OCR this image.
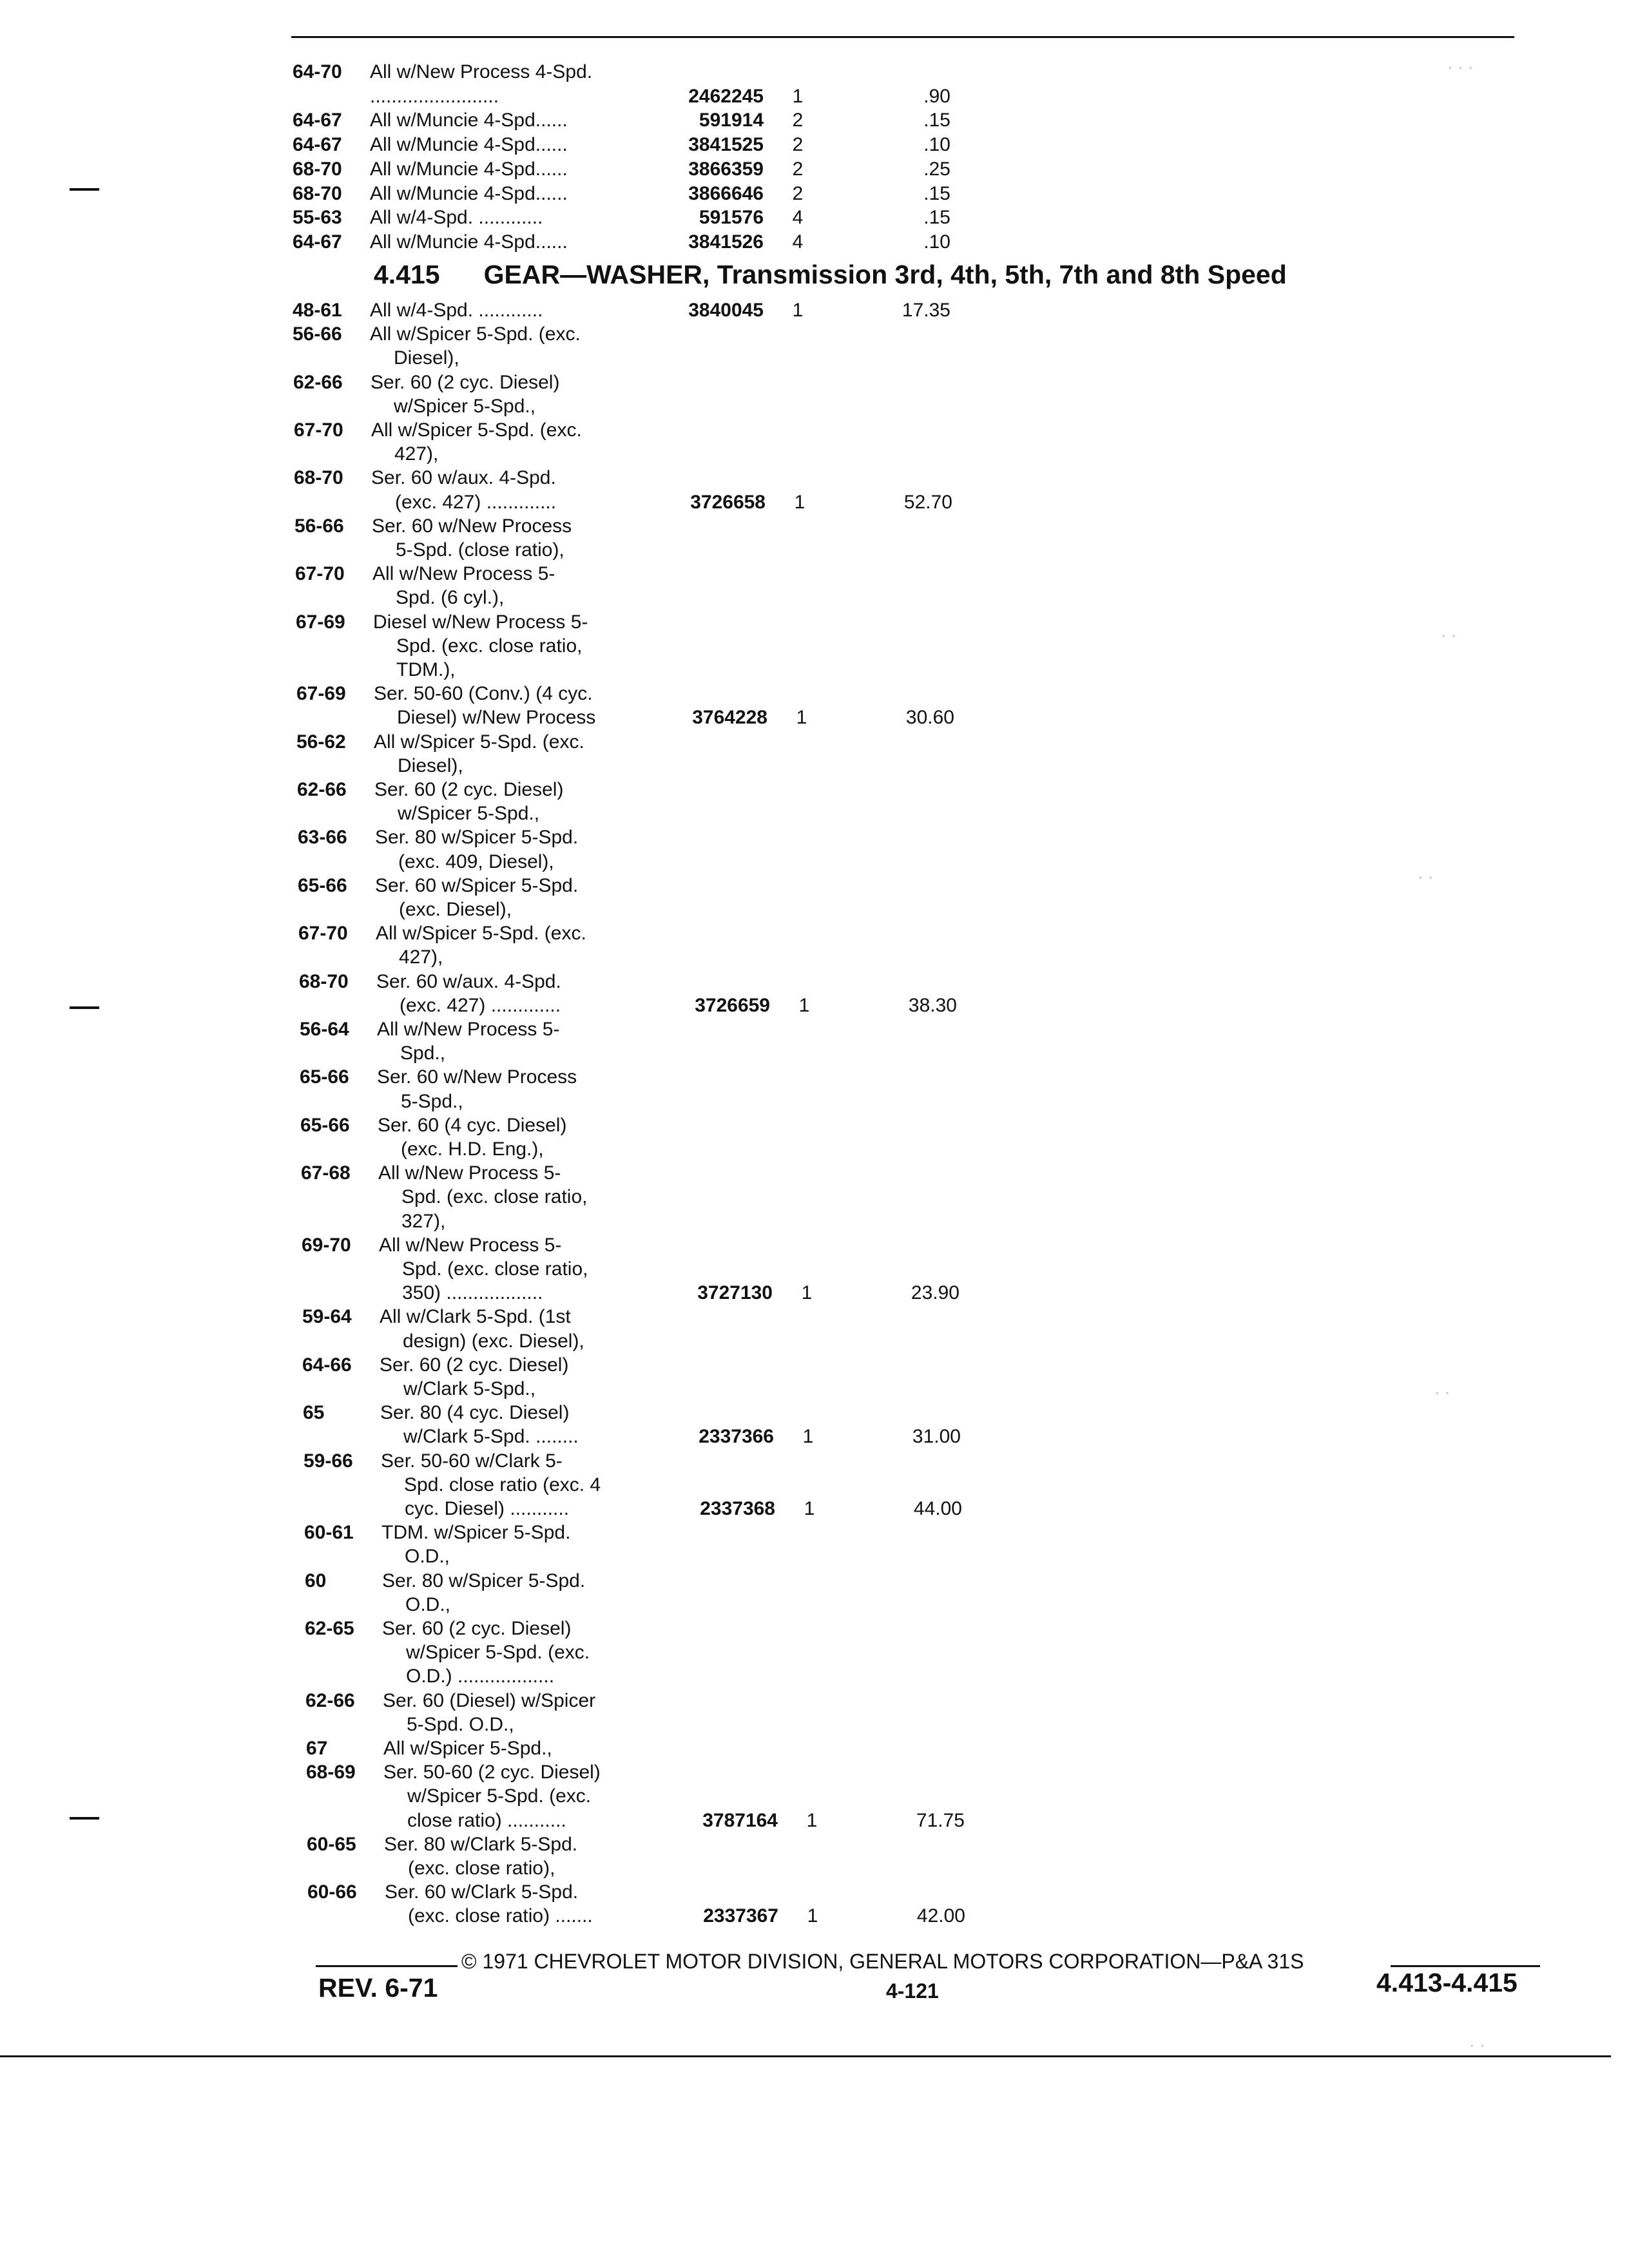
64-70 All w/New Process 4-Spd.
........................	2462245	1	.90
64-67 All w/Muncie 4-Spd......	591914	2	.15
64-67 All w/Muncie 4-Spd......	3841525	2	.10
68-70 All w/Muncie 4-Spd......	3866359	2	.25
68-70 All w/Muncie 4-Spd......	3866646	2	.15
55-63 All w/4-Spd. ............	591576	4	.15
64-67 All w/Muncie 4-Spd......	3841526	4	.10
4.415 GEAR—WASHER, Transmission 3rd, 4th, 5th, 7th and 8th Speed
48-61 All w/4-Spd. ............	3840045	1	17.35
56-66 All w/Spicer 5-Spd. (exc.
Diesel),
62-66 Ser. 60 (2 cyc. Diesel)
w/Spicer 5-Spd.,
67-70 All w/Spicer 5-Spd. (exc.
427),
68-70 Ser. 60 w/aux. 4-Spd.
(exc. 427) .............	3726658	1	52.70
56-66 Ser. 60 w/New Process
5-Spd. (close ratio),
67-70 All w/New Process 5-
Spd. (6 cyl.),
67-69 Diesel w/New Process 5-
Spd. (exc. close ratio,
TDM.),
67-69 Ser. 50-60 (Conv.) (4 cyc.
Diesel) w/New Process	3764228	1	30.60
56-62 All w/Spicer 5-Spd. (exc.
Diesel),
62-66 Ser. 60 (2 cyc. Diesel)
w/Spicer 5-Spd.,
63-66 Ser. 80 w/Spicer 5-Spd.
(exc. 409, Diesel),
65-66 Ser. 60 w/Spicer 5-Spd.
(exc. Diesel),
67-70 All w/Spicer 5-Spd. (exc.
427),
68-70 Ser. 60 w/aux. 4-Spd.
(exc. 427) .............	3726659	1	38.30
56-64 All w/New Process 5-
Spd.,
65-66 Ser. 60 w/New Process
5-Spd.,
65-66 Ser. 60 (4 cyc. Diesel)
(exc. H.D. Eng.),
67-68 All w/New Process 5-
Spd. (exc. close ratio,
327),
69-70 All w/New Process 5-
Spd. (exc. close ratio,
350) ..................	3727130	1	23.90
59-64 All w/Clark 5-Spd. (1st
design) (exc. Diesel),
64-66 Ser. 60 (2 cyc. Diesel)
w/Clark 5-Spd.,
65	Ser. 80 (4 cyc. Diesel)
w/Clark 5-Spd. ........	2337366	1	31.00
59-66 Ser. 50-60 w/Clark 5-
Spd. close ratio (exc. 4
cyc. Diesel) ...........	2337368	1	44.00
60-61 TDM. w/Spicer 5-Spd.
O.D.,
60	Ser. 80 w/Spicer 5-Spd.
O.D.,
62-65 Ser. 60 (2 cyc. Diesel)
w/Spicer 5-Spd. (exc.
O.D.) ..................
62-66 Ser. 60 (Diesel) w/Spicer
5-Spd. O.D.,
67	All w/Spicer 5-Spd.,
68-69 Ser. 50-60 (2 cyc. Diesel)
w/Spicer 5-Spd. (exc.
close ratio) ...........	3787164	1	71.75
60-65 Ser. 80 w/Clark 5-Spd.
(exc. close ratio),
60-66 Ser. 60 w/Clark 5-Spd.
(exc. close ratio) .......	2337367	1	42.00
· · ·
· ·
· ·
· ·
· ·
© 1971 CHEVROLET MOTOR DIVISION, GENERAL MOTORS CORPORATION—P&A 31S
REV. 6-71	4-121	4.413-4.415
